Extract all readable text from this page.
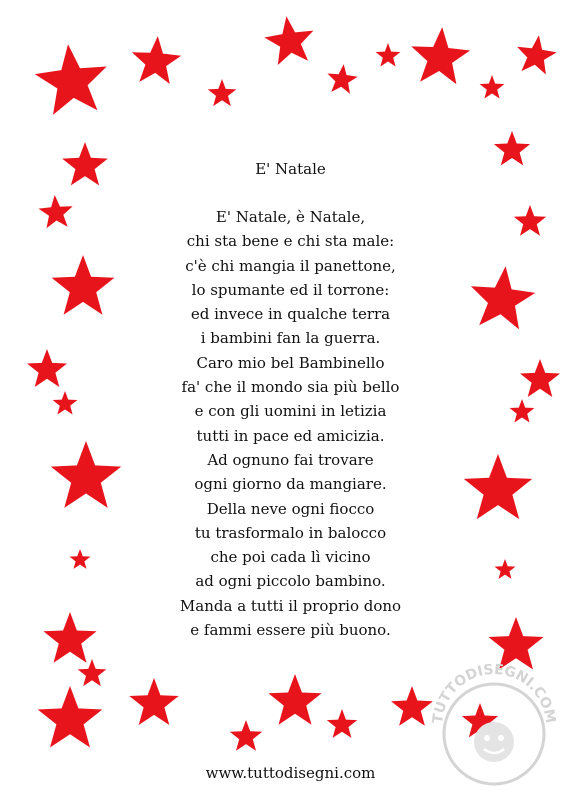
TUTTODISEGNI.COM
E' Natale
E' Natale, è Natale,
chi sta bene e chi sta male:
c'è chi mangia il panettone,
lo spumante ed il torrone:
ed invece in qualche terra
i bambini fan la guerra.
Caro mio bel Bambinello
fa' che il mondo sia più bello
e con gli uomini in letizia
tutti in pace ed amicizia.
Ad ognuno fai trovare
ogni giorno da mangiare.
Della neve ogni fiocco
tu trasformalo in balocco
che poi cada lì vicino
ad ogni piccolo bambino.
Manda a tutti il proprio dono
e fammi essere più buono.
www.tuttodisegni.com
